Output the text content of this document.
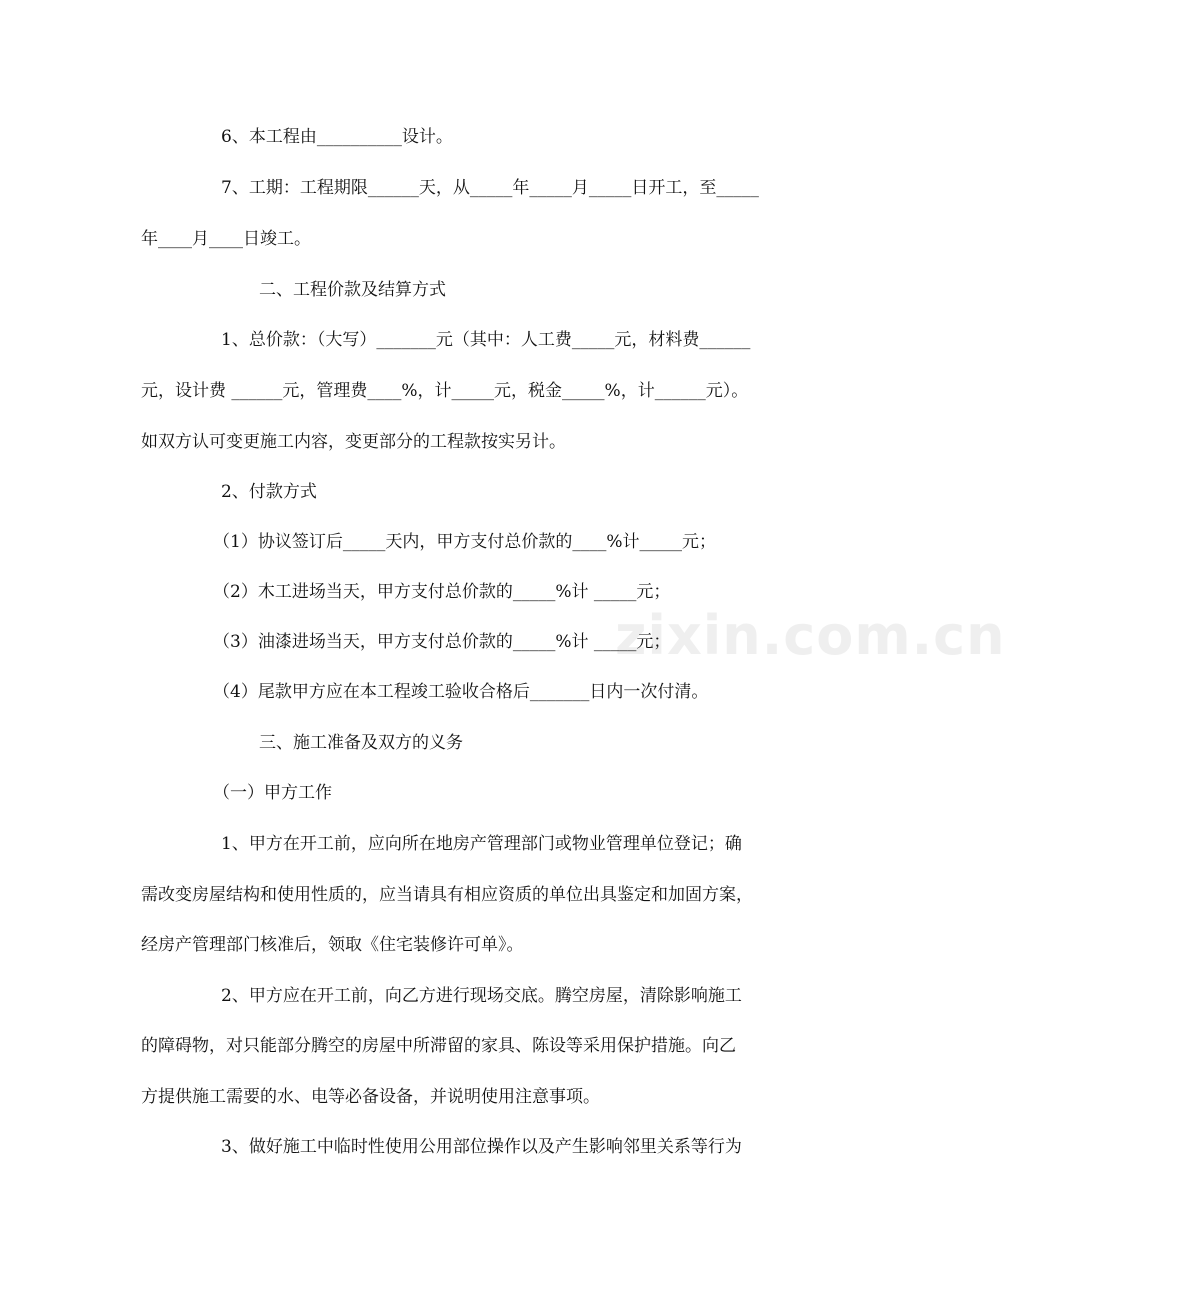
zixin.com.cn
6、本工程由__________设计。
7、工期：工程期限______天，从_____年_____月_____日开工，至_____
年____月____日竣工。
二、工程价款及结算方式
1、总价款：（大写）_______元（其中：人工费_____元，材料费______
元，设计费 ______元，管理费____%，计_____元，税金_____%，计______元）。
如双方认可变更施工内容，变更部分的工程款按实另计。
2、付款方式
（1）协议签订后_____天内，甲方支付总价款的____%计_____元；
（2）木工进场当天，甲方支付总价款的_____%计 _____元；
（3）油漆进场当天，甲方支付总价款的_____%计 _____元；
（4）尾款甲方应在本工程竣工验收合格后_______日内一次付清。
三、施工准备及双方的义务
（一）甲方工作
1、甲方在开工前，应向所在地房产管理部门或物业管理单位登记；确
需改变房屋结构和使用性质的，应当请具有相应资质的单位出具鉴定和加固方案，
经房产管理部门核准后，领取《住宅装修许可单》。
2、甲方应在开工前，向乙方进行现场交底。腾空房屋，清除影响施工
的障碍物，对只能部分腾空的房屋中所滞留的家具、陈设等采用保护措施。向乙
方提供施工需要的水、电等必备设备，并说明使用注意事项。
3、做好施工中临时性使用公用部位操作以及产生影响邻里关系等行为
